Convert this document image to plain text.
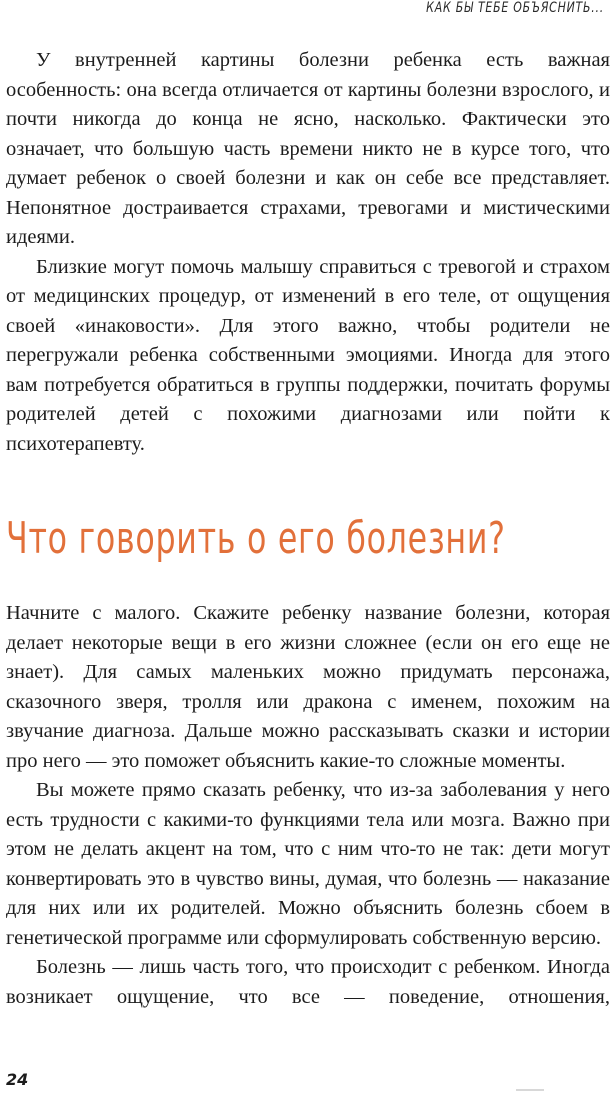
КАК БЫ ТЕБЕ ОБЪЯСНИТЬ...

У внутренней картины болезни ребенка есть важная особенность: она всегда отличается от картины болезни взрослого, и почти никогда до конца не ясно, насколько. Фактически это означает, что большую часть времени никто не в курсе того, что думает ребенок о своей болезни и как он себе все представляет. Непонятное достраивается страхами, тревогами и мистическими идеями.

Близкие могут помочь малышу справиться с тревогой и страхом от медицинских процедур, от изменений в его теле, от ощущения своей «инаковости». Для этого важно, чтобы родители не перегружали ребенка собственными эмоциями. Иногда для этого вам потребуется обратиться в группы поддержки, почитать форумы родителей детей с похожими диагнозами или пойти к психотерапевту.

Что говорить о его болезни?

Начните с малого. Скажите ребенку название болезни, которая делает некоторые вещи в его жизни сложнее (если он его еще не знает). Для самых маленьких можно придумать персонажа, сказочного зверя, тролля или дракона с именем, похожим на звучание диагноза. Дальше можно рассказывать сказки и истории про него — это поможет объяснить какие-то сложные моменты.

Вы можете прямо сказать ребенку, что из-за заболевания у него есть трудности с какими-то функциями тела или мозга. Важно при этом не делать акцент на том, что с ним что-то не так: дети могут конвертировать это в чувство вины, думая, что болезнь — наказание для них или их родителей. Можно объяснить болезнь сбоем в генетической программе или сформулировать собственную версию.

Болезнь — лишь часть того, что происходит с ребенком. Иногда возникает ощущение, что все — поведение, отношения,

24
